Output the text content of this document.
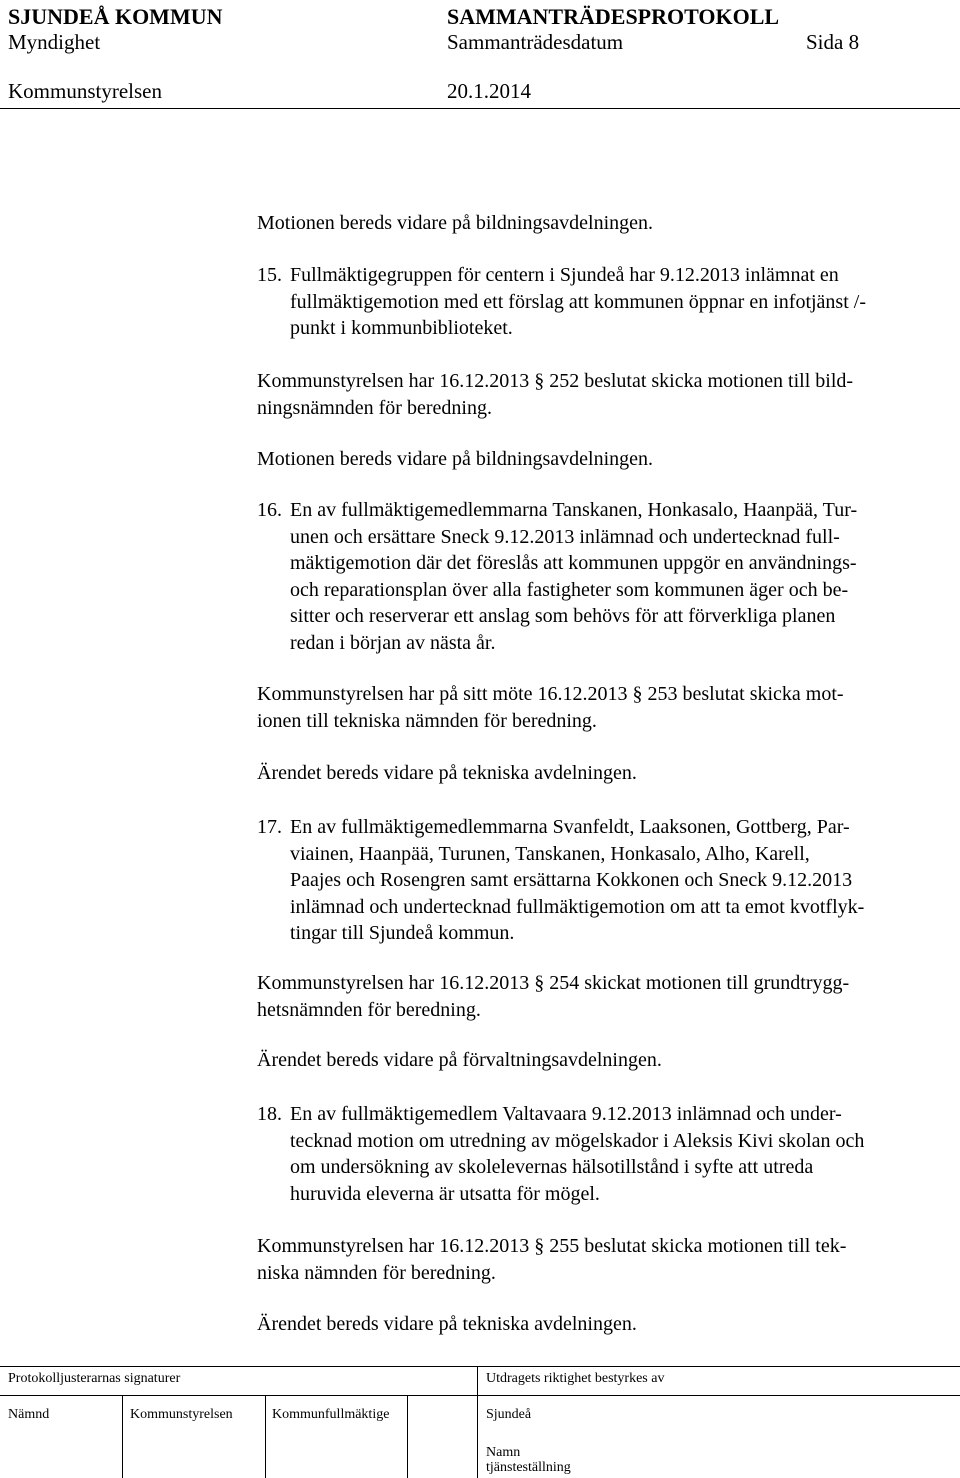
SJUNDEÅ KOMMUN	SAMMANTRÄDESPROTOKOLL
Myndighet	Sammanträdesdatum	Sida 8
Kommunstyrelsen	20.1.2014
Motionen bereds vidare på bildningsavdelningen.
15. Fullmäktigegruppen för centern i Sjundeå har 9.12.2013 inlämnat en
fullmäktigemotion med ett förslag att kommunen öppnar en infotjänst /-
punkt i kommunbiblioteket.
Kommunstyrelsen har 16.12.2013 § 252 beslutat skicka motionen till bild-
ningsnämnden för beredning.
Motionen bereds vidare på bildningsavdelningen.
16. En av fullmäktigemedlemmarna Tanskanen, Honkasalo, Haanpää, Tur-
unen och ersättare Sneck 9.12.2013 inlämnad och undertecknad full-
mäktigemotion där det föreslås att kommunen uppgör en användnings-
och reparationsplan över alla fastigheter som kommunen äger och be-
sitter och reserverar ett anslag som behövs för att förverkliga planen
redan i början av nästa år.
Kommunstyrelsen har på sitt möte 16.12.2013 § 253 beslutat skicka mot-
ionen till tekniska nämnden för beredning.
Ärendet bereds vidare på tekniska avdelningen.
17. En av fullmäktigemedlemmarna Svanfeldt, Laaksonen, Gottberg, Par-
viainen, Haanpää, Turunen, Tanskanen, Honkasalo, Alho, Karell,
Paajes och Rosengren samt ersättarna Kokkonen och Sneck 9.12.2013
inlämnad och undertecknad fullmäktigemotion om att ta emot kvotflyk-
tingar till Sjundeå kommun.
Kommunstyrelsen har 16.12.2013 § 254 skickat motionen till grundtrygg-
hetsnämnden för beredning.
Ärendet bereds vidare på förvaltningsavdelningen.
18. En av fullmäktigemedlem Valtavaara 9.12.2013 inlämnad och under-
tecknad motion om utredning av mögelskador i Aleksis Kivi skolan och
om undersökning av skolelevernas hälsotillstånd i syfte att utreda
huruvida eleverna är utsatta för mögel.
Kommunstyrelsen har 16.12.2013 § 255 beslutat skicka motionen till tek-
niska nämnden för beredning.
Ärendet bereds vidare på tekniska avdelningen.
Protokolljusterarnas signaturer	Utdragets riktighet bestyrkes av
Nämnd	Kommunstyrelsen	Kommunfullmäktige	Sjundeå
Namn
tjänsteställning
